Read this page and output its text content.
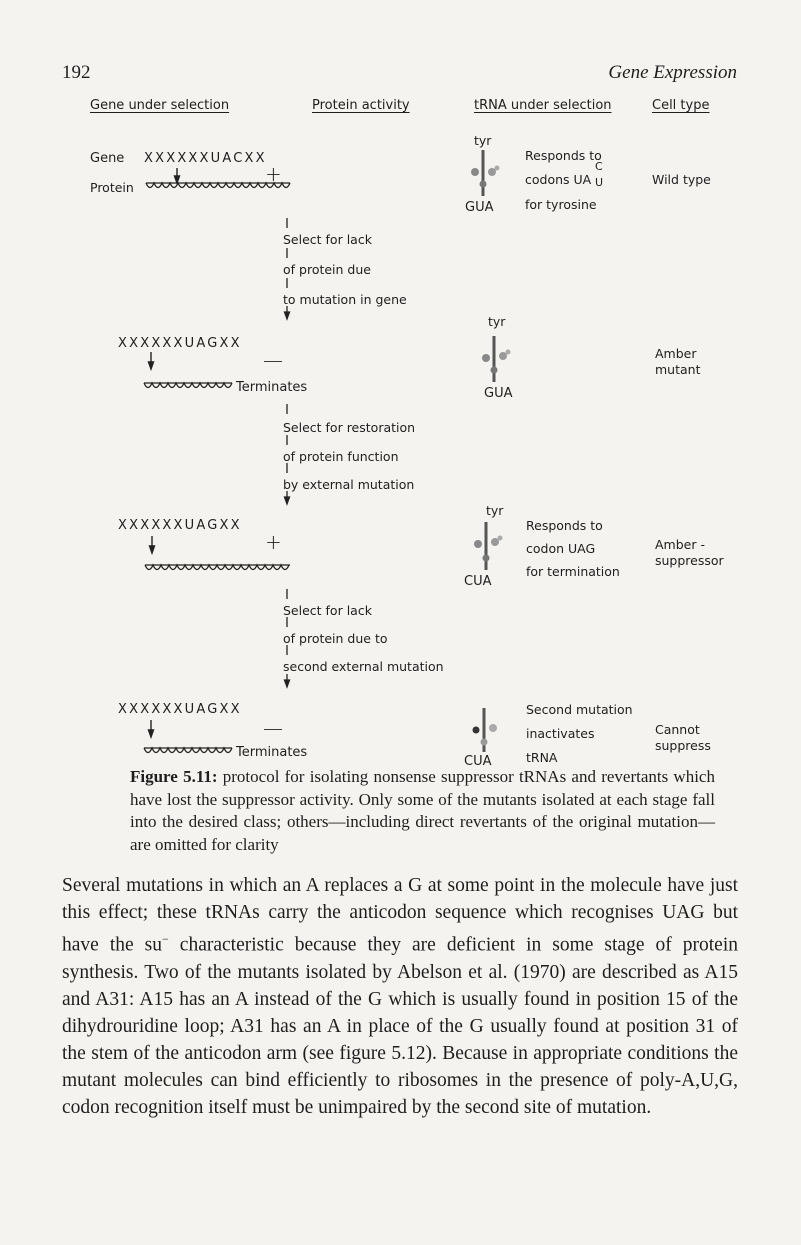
192	Gene Expression
Gene under selection	Protein activity	tRNA under selection	Cell type
Gene XXXXXXUACXX
Protein
+
tyr
GUA
Responds to
codons UA
C
U
for tyrosine
Wild type
Select for lack
of protein due
to mutation in gene
XXXXXXUAGXX
—
Terminates
tyr
GUA
Amber
mutant
Select for restoration
of protein function
by external mutation
XXXXXXUAGXX
+
tyr
CUA
Responds to
codon UAG
for termination
Amber -
suppressor
Select for lack
of protein due to
second external mutation
XXXXXXUAGXX
—
Terminates
CUA
Second mutation
inactivates
tRNA
Cannot
suppress
Figure 5.11: protocol for isolating nonsense suppressor tRNAs and revertants which have lost the suppressor activity. Only some of the mutants isolated at each stage fall into the desired class; others—including direct revertants of the original mutation—are omitted for clarity
Several mutations in which an A replaces a G at some point in the molecule have just this effect; these tRNAs carry the anticodon sequence which recognises UAG but have the su− characteristic because they are deficient in some stage of protein synthesis. Two of the mutants isolated by Abelson et al. (1970) are described as A15 and A31: A15 has an A instead of the G which is usually found in position 15 of the dihydrouridine loop; A31 has an A in place of the G usually found at position 31 of the stem of the anticodon arm (see figure 5.12). Because in appropriate conditions the mutant molecules can bind efficiently to ribosomes in the presence of poly-A,U,G, codon recognition itself must be unimpaired by the second site of mutation.
